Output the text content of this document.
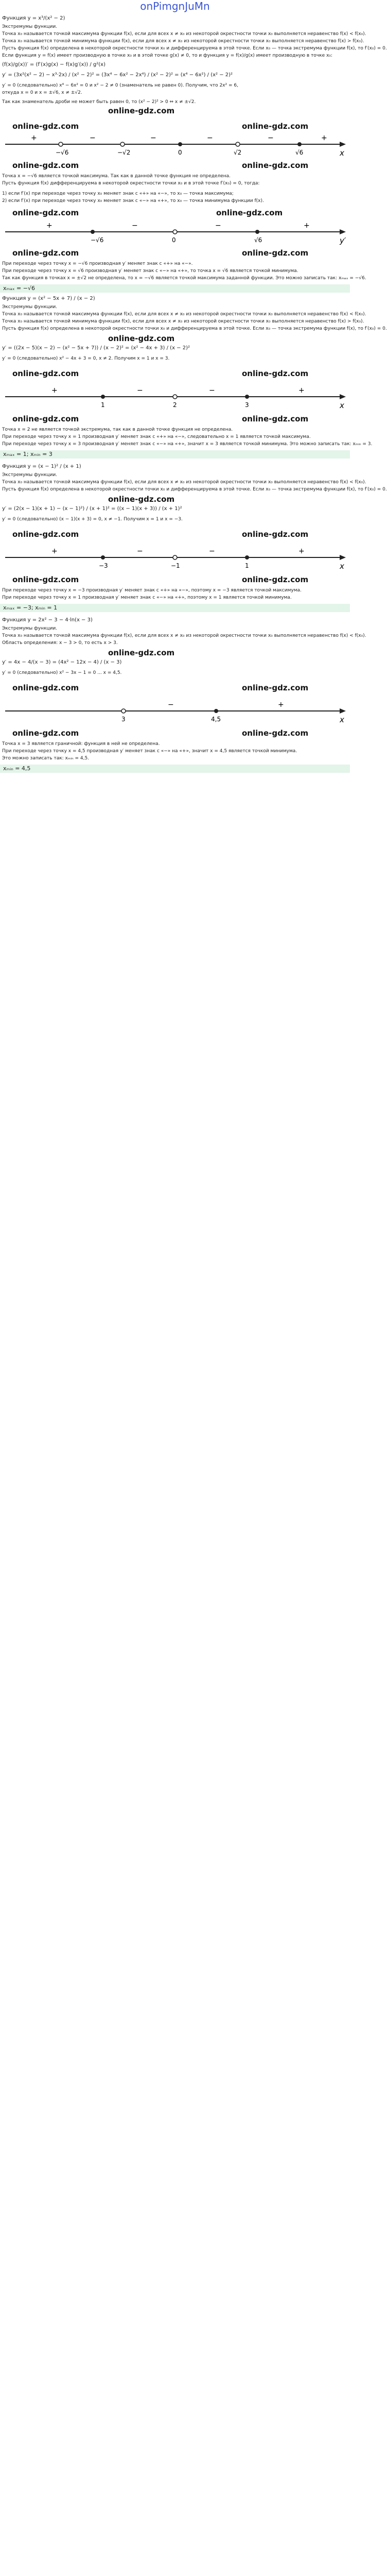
onPimgnJuMn
Функция y = x³/(x² − 2)
Экстремумы функции.
Точка x₀ называется точкой максимума функции f(x), если для всех x ≠ x₀ из некоторой окрестности точки x₀ выполняется неравенство f(x) < f(x₀).
Точка x₀ называется точкой минимума функции f(x), если для всех x ≠ x₀ из некоторой окрестности точки x₀ выполняется неравенство f(x) > f(x₀).
Пусть функция f(x) определена в некоторой окрестности точки x₀ и дифференцируема в этой точке. Если x₀ — точка экстремума функции f(x), то f′(x₀) = 0.
Если функция y = f(x) имеет производную в точке x₀ и в этой точке g(x) ≠ 0, то и функция y = f(x)/g(x) имеет производную в точке x₀:
(f(x)/g(x))′ = (f′(x)g(x) − f(x)g′(x)) / g²(x)
y′ = (3x²(x² − 2) − x³·2x) / (x² − 2)² = (3x⁴ − 6x² − 2x⁴) / (x² − 2)² = (x⁴ − 6x²) / (x² − 2)²
y′ = 0 (следовательно) x⁴ − 6x² = 0 и x² − 2 ≠ 0 (знаменатель не равен 0). Получим, что 2x² = 6,
откуда x = 0 и x = ±√6, x ≠ ±√2.
Так как знаменатель дроби не может быть равен 0, то (x² − 2)² > 0 ⇔ x ≠ ±√2.
online-gdz.com
online-gdz.com	online-gdz.com
+	−	−	−	−	+
−√6	−√2	0	√2	√6	x
online-gdz.com	online-gdz.com
Точка x = −√6 является точкой максимума. Так как в данной точке функция не определена.
Пусть функция f(x) дифференцируема в некоторой окрестности точки x₀ и в этой точке f′(x₀) = 0, тогда:
1) если f′(x) при переходе через точку x₀ меняет знак с «+» на «−», то x₀ — точка максимума;
2) если f′(x) при переходе через точку x₀ меняет знак с «−» на «+», то x₀ — точка минимума функции f(x).
online-gdz.com	online-gdz.com
+	−	−	+
−√6	0	√6	y′
online-gdz.com	online-gdz.com
При переходе через точку x = −√6 производная y′ меняет знак с «+» на «−».
При переходе через точку x = √6 производная y′ меняет знак с «−» на «+», то точка x = √6 является точкой минимума.
Так как функция в точках x = ±√2 не определена, то x = −√6 является точкой максимума заданной функции. Это можно записать так: xₘₐₓ = −√6.
xₘₐₓ = −√6
Функция y = (x² − 5x + 7) / (x − 2)
Экстремумы функции.
Точка x₀ называется точкой максимума функции f(x), если для всех x ≠ x₀ из некоторой окрестности точки x₀ выполняется неравенство f(x) < f(x₀).
Точка x₀ называется точкой минимума функции f(x), если для всех x ≠ x₀ из некоторой окрестности точки x₀ выполняется неравенство f(x) > f(x₀).
Пусть функция f(x) определена в некоторой окрестности точки x₀ и дифференцируема в этой точке. Если x₀ — точка экстремума функции f(x), то f′(x₀) = 0.
online-gdz.com
y′ = ((2x − 5)(x − 2) − (x² − 5x + 7)) / (x − 2)² = (x² − 4x + 3) / (x − 2)²
y′ = 0 (следовательно) x² − 4x + 3 = 0, x ≠ 2. Получим x = 1 и x = 3.
online-gdz.com	online-gdz.com
+	−	−	+
1	2	3	x
online-gdz.com	online-gdz.com
Точка x = 2 не является точкой экстремума, так как в данной точке функция не определена.
При переходе через точку x = 1 производная y′ меняет знак с «+» на «−», следовательно x = 1 является точкой максимума.
При переходе через точку x = 3 производная y′ меняет знак с «−» на «+», значит x = 3 является точкой минимума. Это можно записать так: xₘᵢₙ = 3.
xₘₐₓ = 1; xₘᵢₙ = 3
Функция y = (x − 1)² / (x + 1)
Экстремумы функции.
Точка x₀ называется точкой максимума функции f(x), если для всех x ≠ x₀ из некоторой окрестности точки x₀ выполняется неравенство f(x) < f(x₀).
Пусть функция f(x) определена в некоторой окрестности точки x₀ и дифференцируема в этой точке. Если x₀ — точка экстремума функции f(x), то f′(x₀) = 0.
online-gdz.com
y′ = (2(x − 1)(x + 1) − (x − 1)²) / (x + 1)² = ((x − 1)(x + 3)) / (x + 1)²
y′ = 0 (следовательно) (x − 1)(x + 3) = 0, x ≠ −1. Получим x = 1 и x = −3.
online-gdz.com	online-gdz.com
+	−	−	+
−3	−1	1	x
online-gdz.com	online-gdz.com
При переходе через точку x = −3 производная y′ меняет знак с «+» на «−», поэтому x = −3 является точкой максимума.
При переходе через точку x = 1 производная y′ меняет знак с «−» на «+», поэтому x = 1 является точкой минимума.
xₘₐₓ = −3; xₘᵢₙ = 1
Функция y = 2x² − 3 − 4·ln(x − 3)
Экстремумы функции.
Точка x₀ называется точкой максимума функции f(x), если для всех x ≠ x₀ из некоторой окрестности точки x₀ выполняется неравенство f(x) < f(x₀).
Область определения: x − 3 > 0, то есть x > 3.
online-gdz.com
y′ = 4x − 4/(x − 3) = (4x² − 12x − 4) / (x − 3)
y′ = 0 (следовательно) x² − 3x − 1 = 0 ... x = 4,5.
online-gdz.com	online-gdz.com
−	+
3	4,5	x
online-gdz.com	online-gdz.com
Точка x = 3 является граничной: функция в ней не определена.
При переходе через точку x = 4,5 производная y′ меняет знак с «−» на «+», значит x = 4,5 является точкой минимума.
Это можно записать так: xₘᵢₙ = 4,5.
xₘᵢₙ = 4,5
